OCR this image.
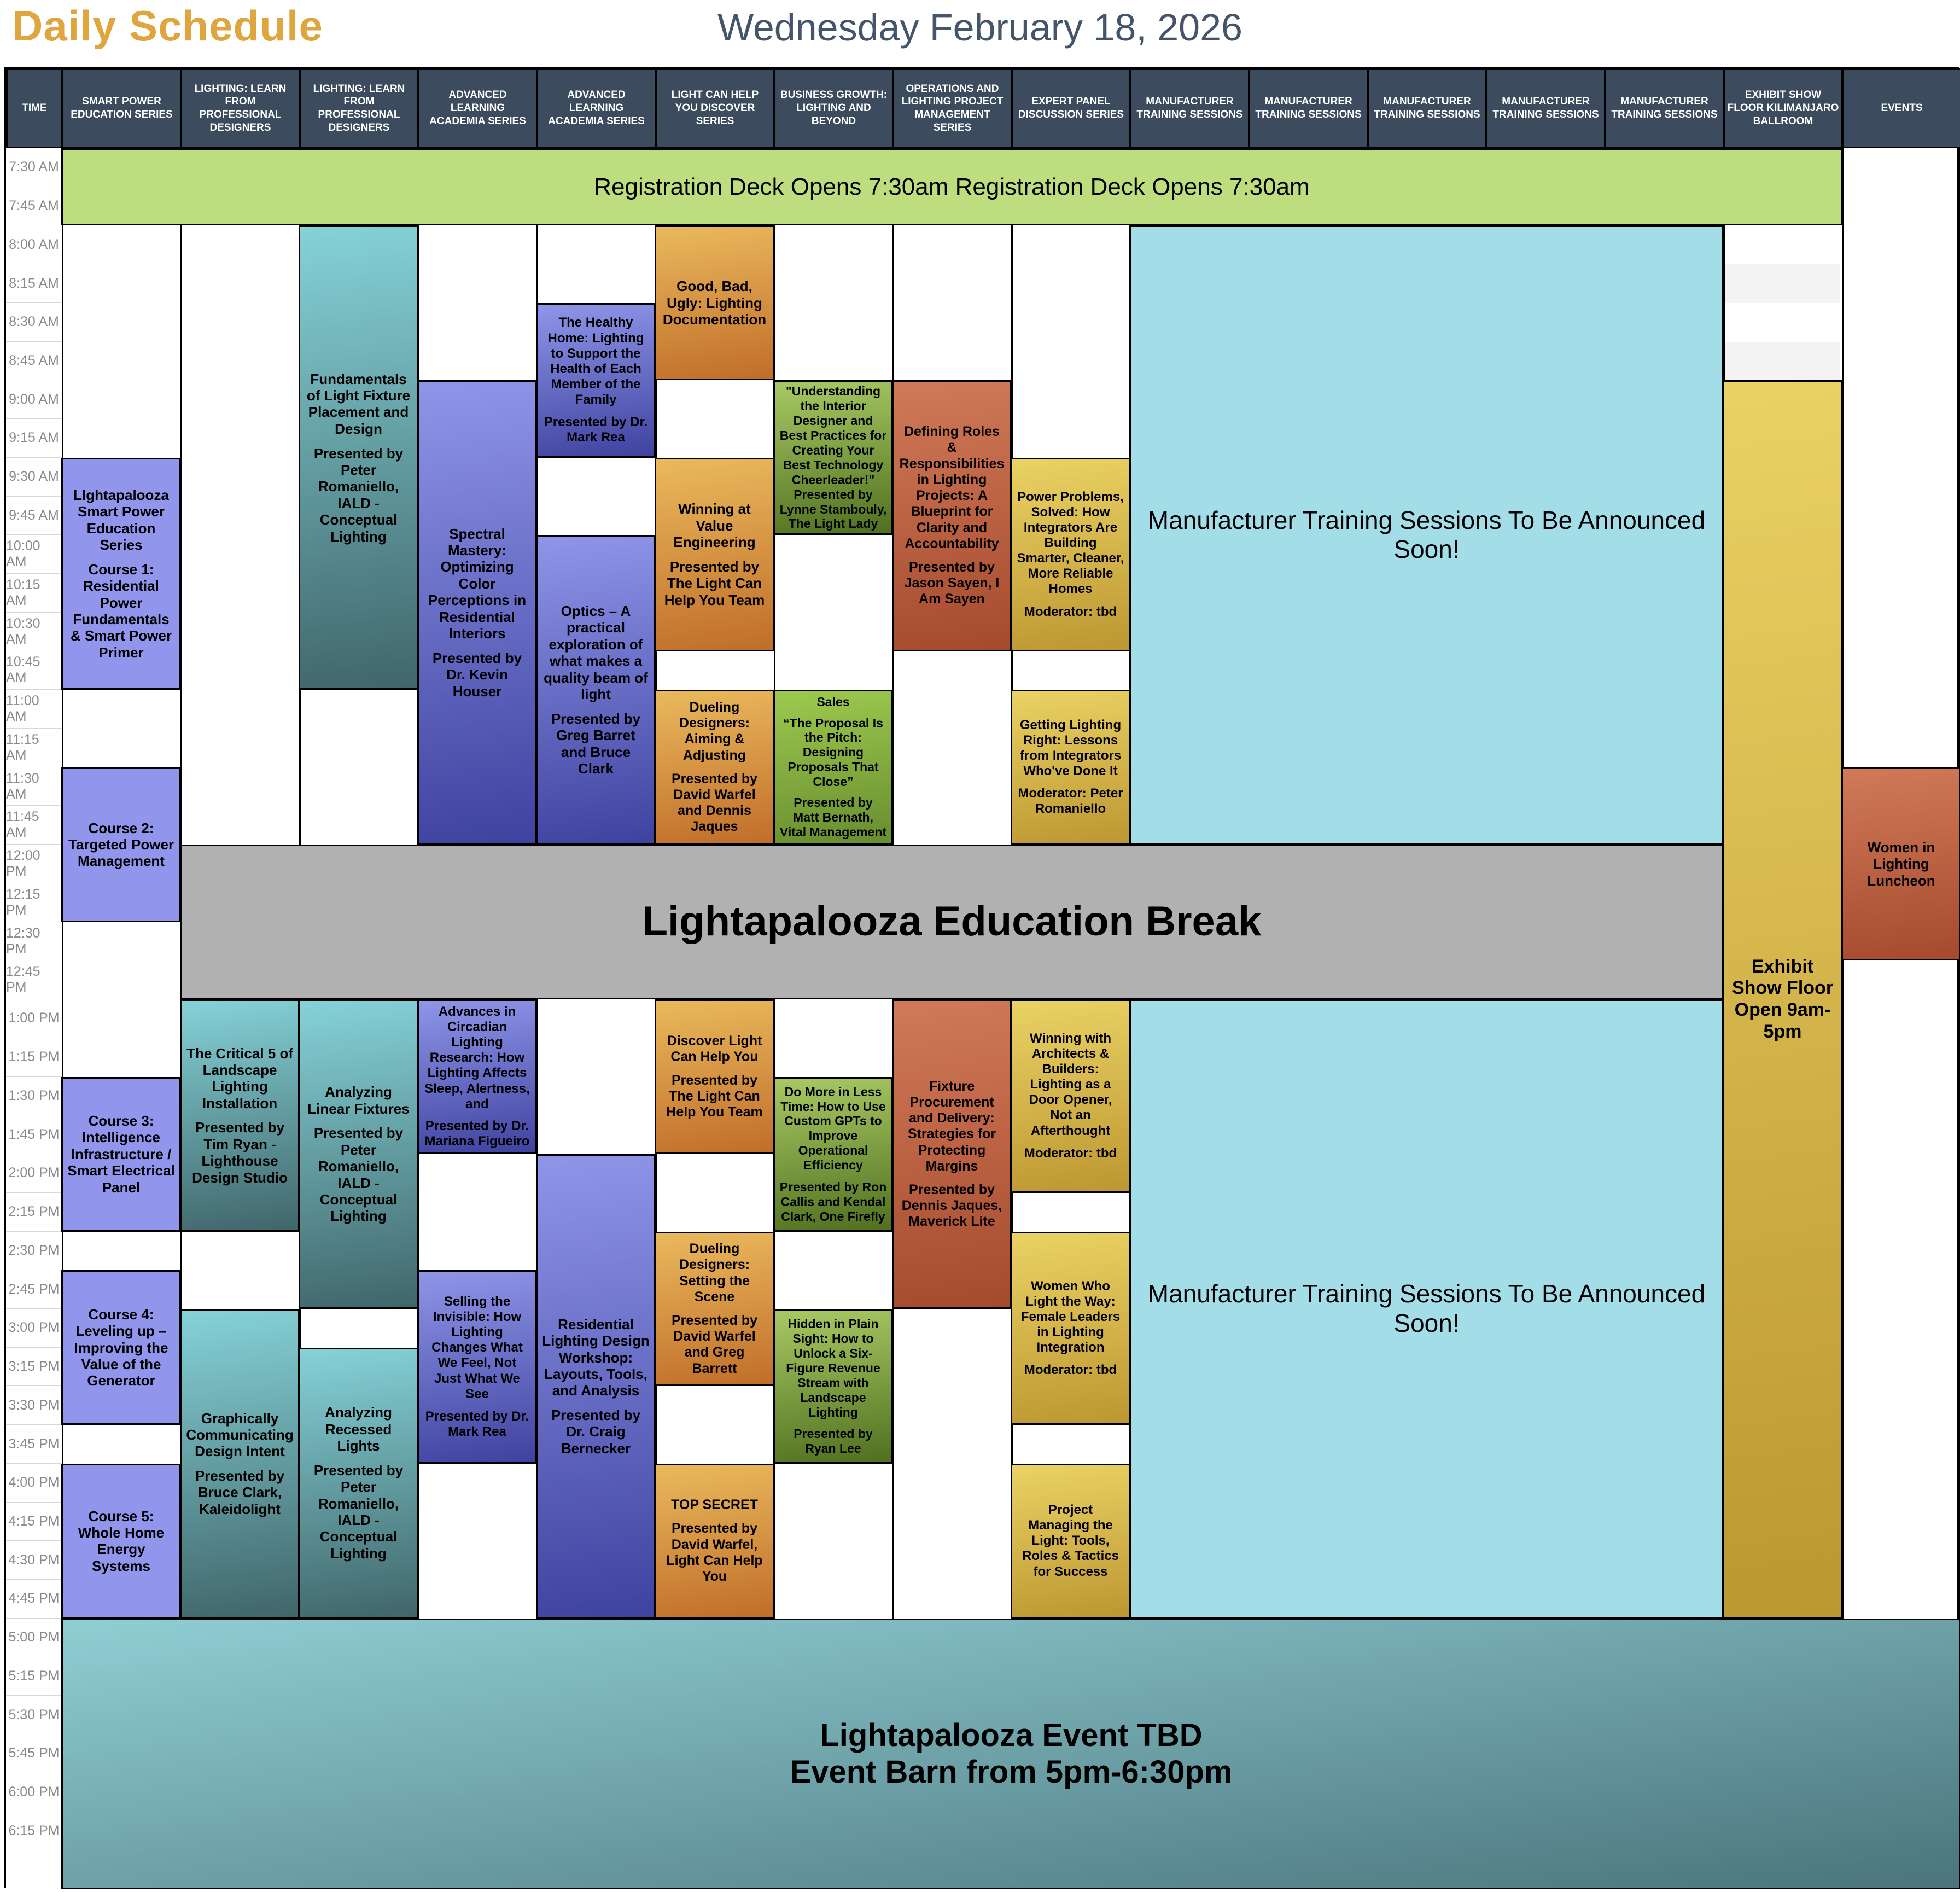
Daily Schedule	Wednesday February 18, 2026
7:30 AM
7:45 AM
8:00 AM
8:15 AM
8:30 AM
8:45 AM
9:00 AM
9:15 AM
9:30 AM
9:45 AM
10:00 AM
10:15 AM
10:30 AM
10:45 AM
11:00 AM
11:15 AM
11:30 AM
11:45 AM
12:00 PM
12:15 PM
12:30 PM
12:45 PM
1:00 PM
1:15 PM
1:30 PM
1:45 PM
2:00 PM
2:15 PM
2:30 PM
2:45 PM
3:00 PM
3:15 PM
3:30 PM
3:45 PM
4:00 PM
4:15 PM
4:30 PM
4:45 PM
5:00 PM
5:15 PM
5:30 PM
5:45 PM
6:00 PM
6:15 PM
Registration Deck Opens 7:30am Registration Deck Opens 7:30am
LIghtapalooza Smart Power Education Series
Course 1: Residential Power Fundamentals & Smart Power Primer
Course 2: Targeted Power Management
Course 3: Intelligence Infrastructure / Smart Electrical Panel
Course 4: Leveling up – Improving the Value of the Generator
Course 5: Whole Home Energy Systems
The Critical 5 of Landscape Lighting Installation
Presented by Tim Ryan -Lighthouse Design Studio
Graphically Communicating Design Intent
Presented by Bruce Clark, Kaleidolight
Fundamentals of Light Fixture Placement and Design
Presented by Peter Romaniello, IALD - Conceptual Lighting
Analyzing Linear Fixtures
Presented by Peter Romaniello, IALD - Conceptual Lighting
Analyzing Recessed Lights
Presented by Peter Romaniello, IALD - Conceptual Lighting
Spectral Mastery: Optimizing Color Perceptions in Residential Interiors
Presented by Dr. Kevin Houser
Advances in Circadian Lighting Research: How Lighting Affects Sleep, Alertness, and
Presented by Dr. Mariana Figueiro
Selling the Invisible: How Lighting Changes What We Feel, Not Just What We See
Presented by Dr. Mark Rea
The Healthy Home: Lighting to Support the Health of Each Member of the Family
Presented by Dr. Mark Rea
Optics – A practical exploration of what makes a quality beam of light
Presented by Greg Barret and Bruce Clark
Residential Lighting Design Workshop: Layouts, Tools, and Analysis
Presented by Dr. Craig Bernecker
Good, Bad, Ugly: Lighting Documentation
Winning at Value Engineering
Presented by The Light Can Help You Team
Dueling Designers: Aiming & Adjusting
Presented by David Warfel and Dennis Jaques
Discover Light Can Help You
Presented by The Light Can Help You Team
Dueling Designers: Setting the Scene
Presented by David Warfel and Greg Barrett
TOP SECRET
Presented by David Warfel, Light Can Help You
"Understanding the Interior Designer and Best Practices for Creating Your Best Technology Cheerleader!"
Presented by Lynne Stambouly, The Light Lady
Sales
“The Proposal Is the Pitch: Designing Proposals That Close”
Presented by Matt Bernath, Vital Management
Do More in Less Time: How to Use Custom GPTs to Improve Operational Efficiency
Presented by Ron Callis and Kendal Clark, One Firefly
Hidden in Plain Sight: How to Unlock a Six-Figure Revenue Stream with Landscape Lighting
Presented by Ryan Lee
Defining Roles & Responsibilities in Lighting Projects: A Blueprint for Clarity and Accountability
Presented by Jason Sayen, I Am Sayen
Fixture Procurement and Delivery: Strategies for Protecting Margins
Presented by Dennis Jaques, Maverick Lite
Power Problems, Solved: How Integrators Are Building Smarter, Cleaner, More Reliable Homes
Moderator: tbd
Getting Lighting Right: Lessons from Integrators Who've Done It
Moderator: Peter Romaniello
Winning with Architects & Builders: Lighting as a Door Opener, Not an Afterthought
Moderator: tbd
Women Who Light the Way: Female Leaders in Lighting Integration
Moderator: tbd
Project Managing the Light: Tools, Roles & Tactics for Success
Manufacturer Training Sessions To Be Announced Soon!
Manufacturer Training Sessions To Be Announced Soon!
Lightapalooza Education Break
Exhibit Show Floor Open 9am-5pm
Women in Lighting Luncheon
Lightapalooza Event TBD
Event Barn from 5pm-6:30pm
TIME
SMART POWER EDUCATION SERIES
LIGHTING: LEARN FROM PROFESSIONAL DESIGNERS
LIGHTING: LEARN FROM PROFESSIONAL DESIGNERS
ADVANCED LEARNING ACADEMIA SERIES
ADVANCED LEARNING ACADEMIA SERIES
LIGHT CAN HELP YOU DISCOVER SERIES
BUSINESS GROWTH: LIGHTING AND BEYOND
OPERATIONS AND LIGHTING PROJECT MANAGEMENT SERIES
EXPERT PANEL DISCUSSION SERIES
MANUFACTURER TRAINING SESSIONS
MANUFACTURER TRAINING SESSIONS
MANUFACTURER TRAINING SESSIONS
MANUFACTURER TRAINING SESSIONS
MANUFACTURER TRAINING SESSIONS
EXHIBIT SHOW FLOOR KILIMANJARO BALLROOM
EVENTS
